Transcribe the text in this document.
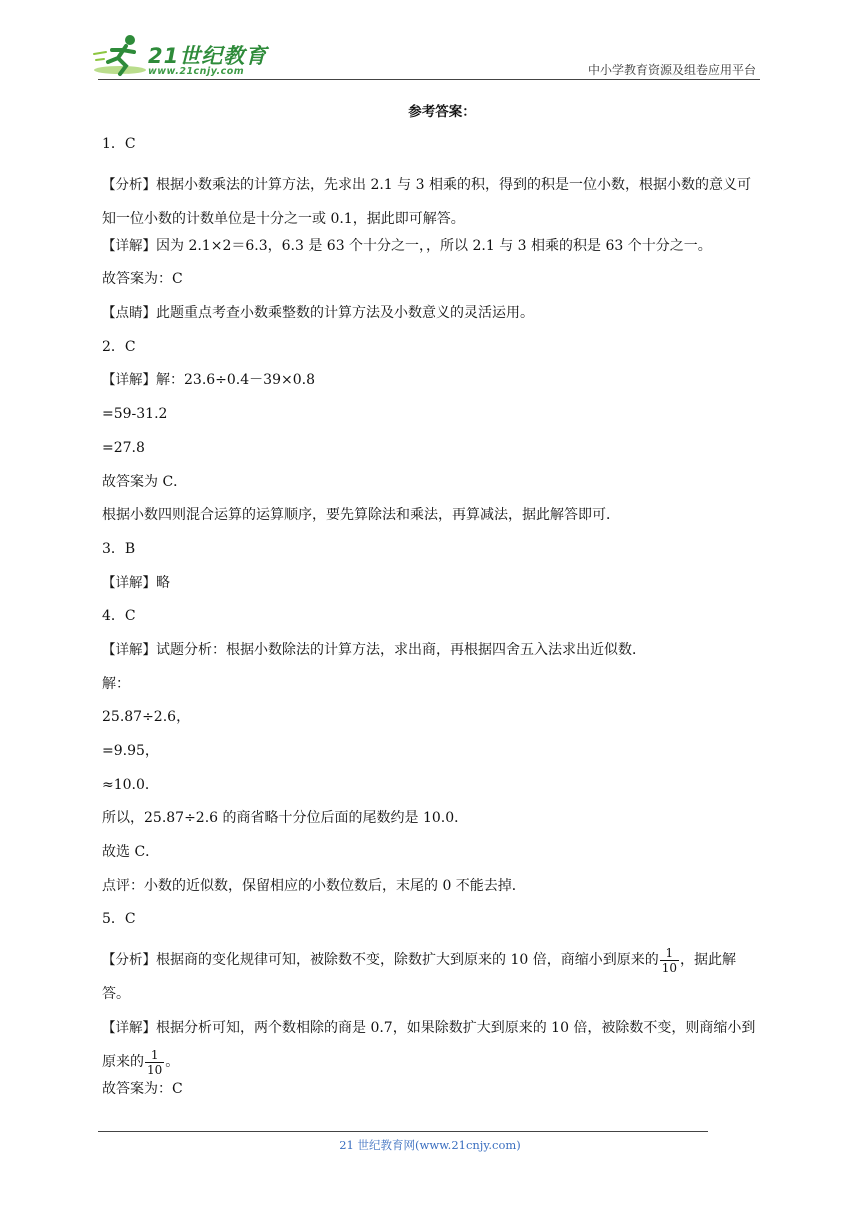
21世纪教育
www.21cnjy.com	中小学教育资源及组卷应用平台
参考答案：
1．C
【分析】根据小数乘法的计算方法，先求出 2.1 与 3 相乘的积，得到的积是一位小数，根据小数的意义可知一位小数的计数单位是十分之一或 0.1，据此即可解答。
【详解】因为 2.1×2＝6.3，6.3 是 63 个十分之一，，所以 2.1 与 3 相乘的积是 63 个十分之一。
故答案为：C
【点睛】此题重点考查小数乘整数的计算方法及小数意义的灵活运用。
2．C
【详解】解：23.6÷0.4－39×0.8
=59-31.2
=27.8
故答案为 C．
根据小数四则混合运算的运算顺序，要先算除法和乘法，再算减法，据此解答即可．
3．B
【详解】略
4．C
【详解】试题分析：根据小数除法的计算方法，求出商，再根据四舍五入法求出近似数．
解：
25.87÷2.6，
=9.95，
≈10.0．
所以，25.87÷2.6 的商省略十分位后面的尾数约是 10.0．
故选 C．
点评：小数的近似数，保留相应的小数位数后，末尾的 0 不能去掉．
5．C
【分析】根据商的变化规律可知，被除数不变，除数扩大到原来的 10 倍，商缩小到原来的 $\frac{1}{10}$ ，据此解答。
【详解】根据分析可知，两个数相除的商是 0.7，如果除数扩大到原来的 10 倍，被除数不变，则商缩小到原来的 $\frac{1}{10}$ 。
故答案为：C
21 世纪教育网(www.21cnjy.com)
